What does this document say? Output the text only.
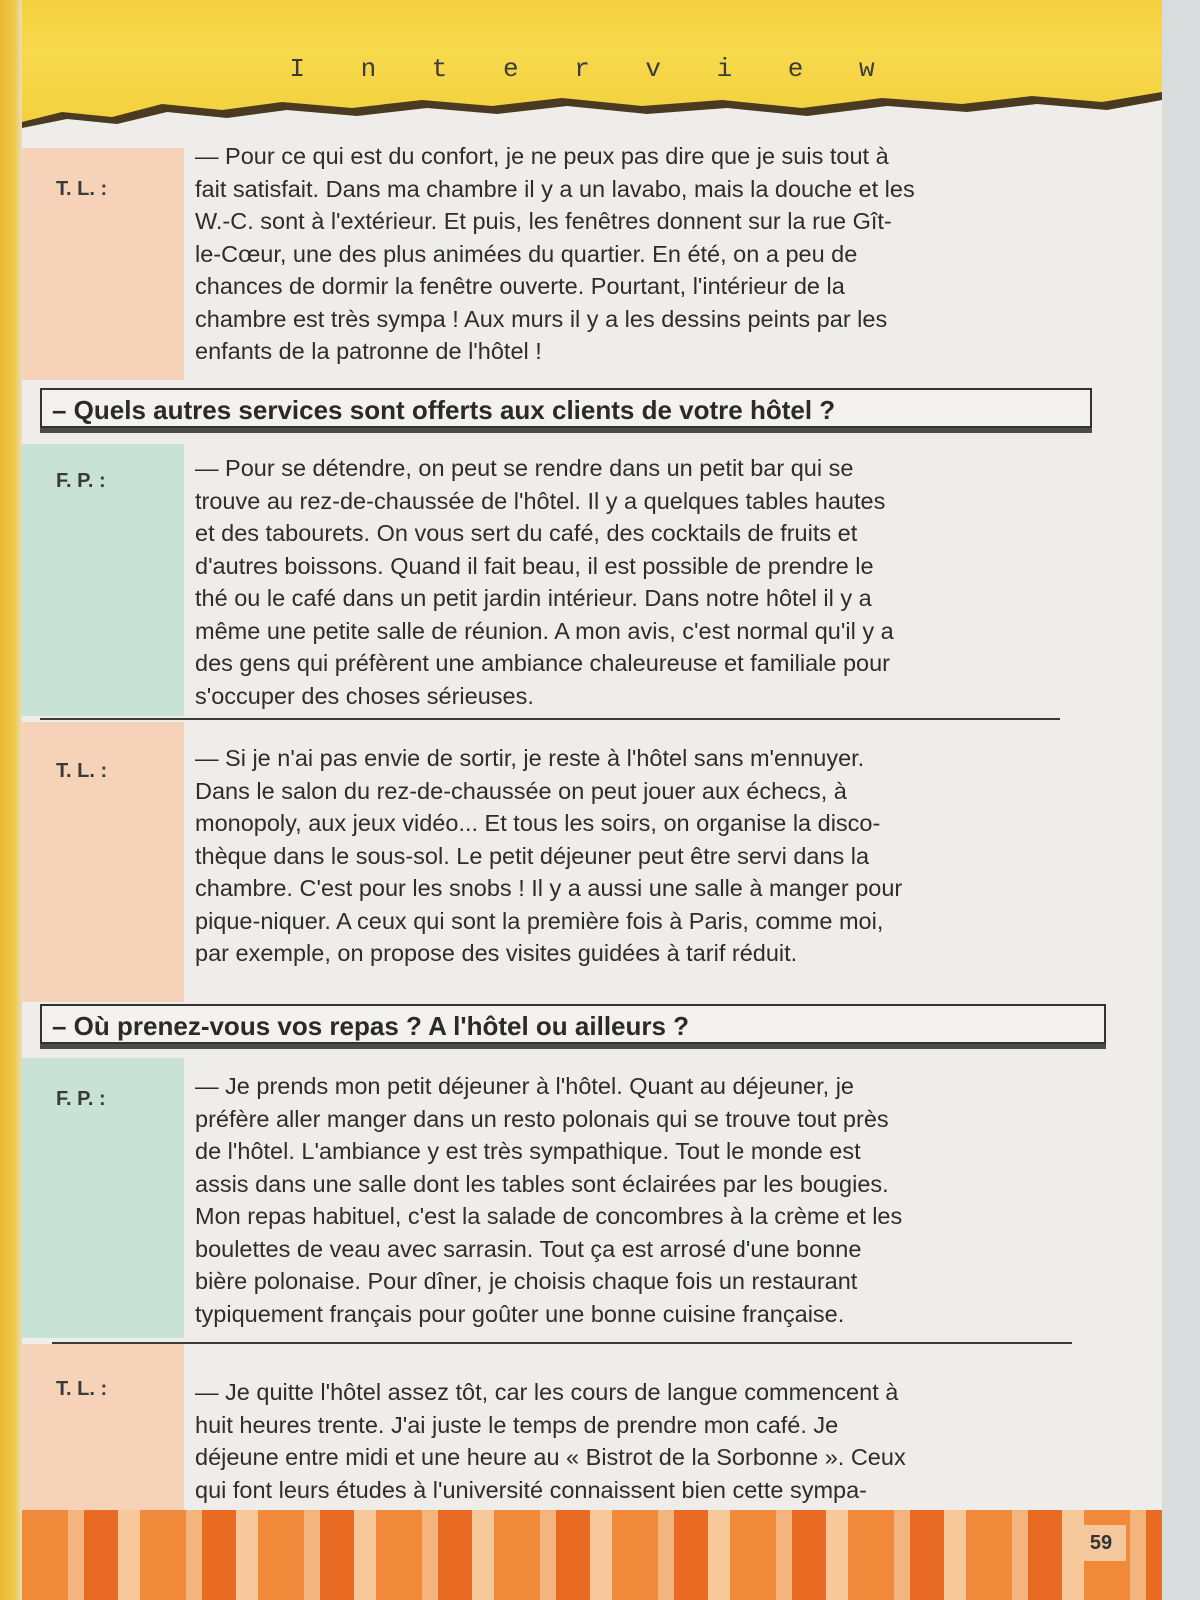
I n t e r v i e w
T. L. :
— Pour ce qui est du confort, je ne peux pas dire que je suis tout à
fait satisfait. Dans ma chambre il y a un lavabo, mais la douche et les
W.-C. sont à l'extérieur. Et puis, les fenêtres donnent sur la rue Gît-
le-Cœur, une des plus animées du quartier. En été, on a peu de
chances de dormir la fenêtre ouverte. Pourtant, l'intérieur de la
chambre est très sympa ! Aux murs il y a les dessins peints par les
enfants de la patronne de l'hôtel !
– Quels autres services sont offerts aux clients de votre hôtel ?
F. P. :	— Pour se détendre, on peut se rendre dans un petit bar qui se
trouve au rez-de-chaussée de l'hôtel. Il y a quelques tables hautes
et des tabourets. On vous sert du café, des cocktails de fruits et
d'autres boissons. Quand il fait beau, il est possible de prendre le
thé ou le café dans un petit jardin intérieur. Dans notre hôtel il y a
même une petite salle de réunion. A mon avis, c'est normal qu'il y a
des gens qui préfèrent une ambiance chaleureuse et familiale pour
s'occuper des choses sérieuses.
T. L. :	— Si je n'ai pas envie de sortir, je reste à l'hôtel sans m'ennuyer.
Dans le salon du rez-de-chaussée on peut jouer aux échecs, à
monopoly, aux jeux vidéo... Et tous les soirs, on organise la disco-
thèque dans le sous-sol. Le petit déjeuner peut être servi dans la
chambre. C'est pour les snobs ! Il y a aussi une salle à manger pour
pique-niquer. A ceux qui sont la première fois à Paris, comme moi,
par exemple, on propose des visites guidées à tarif réduit.
– Où prenez-vous vos repas ? A l'hôtel ou ailleurs ?
F. P. :	— Je prends mon petit déjeuner à l'hôtel. Quant au déjeuner, je
préfère aller manger dans un resto polonais qui se trouve tout près
de l'hôtel. L'ambiance y est très sympathique. Tout le monde est
assis dans une salle dont les tables sont éclairées par les bougies.
Mon repas habituel, c'est la salade de concombres à la crème et les
boulettes de veau avec sarrasin. Tout ça est arrosé d'une bonne
bière polonaise. Pour dîner, je choisis chaque fois un restaurant
typiquement français pour goûter une bonne cuisine française.
T. L. :	— Je quitte l'hôtel assez tôt, car les cours de langue commencent à
huit heures trente. J'ai juste le temps de prendre mon café. Je
déjeune entre midi et une heure au « Bistrot de la Sorbonne ». Ceux
qui font leurs études à l'université connaissent bien cette sympa-
59
